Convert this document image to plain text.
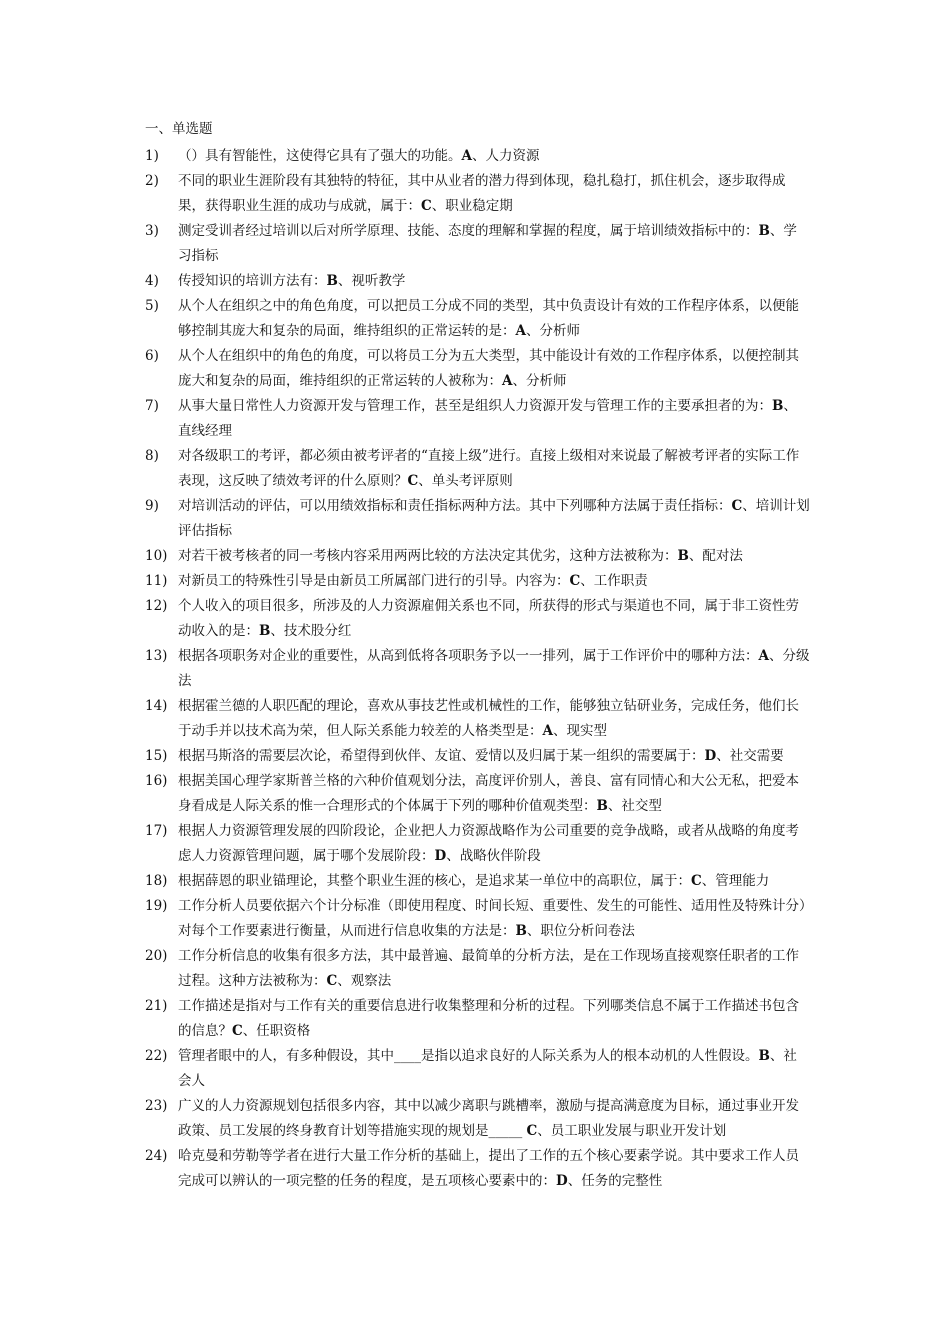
一、单选题
1)	（）具有智能性，这使得它具有了强大的功能。A、人力资源
2)	不同的职业生涯阶段有其独特的特征，其中从业者的潜力得到体现，稳扎稳打，抓住机会，逐步取得成果，获得职业生涯的成功与成就，属于：C、职业稳定期
3)	测定受训者经过培训以后对所学原理、技能、态度的理解和掌握的程度，属于培训绩效指标中的：B、学习指标
4)	传授知识的培训方法有：B、视听教学
5)	从个人在组织之中的角色角度，可以把员工分成不同的类型，其中负责设计有效的工作程序体系，以便能够控制其庞大和复杂的局面，维持组织的正常运转的是：A、分析师
6)	从个人在组织中的角色的角度，可以将员工分为五大类型，其中能设计有效的工作程序体系，以便控制其庞大和复杂的局面，维持组织的正常运转的人被称为：A、分析师
7)	从事大量日常性人力资源开发与管理工作，甚至是组织人力资源开发与管理工作的主要承担者的为：B、直线经理
8)	对各级职工的考评，都必须由被考评者的“直接上级”进行。直接上级相对来说最了解被考评者的实际工作表现，这反映了绩效考评的什么原则？C、单头考评原则
9)	对培训活动的评估，可以用绩效指标和责任指标两种方法。其中下列哪种方法属于责任指标：C、培训计划评估指标
10) 对若干被考核者的同一考核内容采用两两比较的方法决定其优劣，这种方法被称为：B、配对法
11) 对新员工的特殊性引导是由新员工所属部门进行的引导。内容为：C、工作职责
12) 个人收入的项目很多，所涉及的人力资源雇佣关系也不同，所获得的形式与渠道也不同，属于非工资性劳动收入的是：B、技术股分红
13) 根据各项职务对企业的重要性，从高到低将各项职务予以一一排列，属于工作评价中的哪种方法：A、分级法
14) 根据霍兰德的人职匹配的理论，喜欢从事技艺性或机械性的工作，能够独立钻研业务，完成任务，他们长于动手并以技术高为荣，但人际关系能力较差的人格类型是：A、现实型
15) 根据马斯洛的需要层次论，希望得到伙伴、友谊、爱情以及归属于某一组织的需要属于：D、社交需要
16) 根据美国心理学家斯普兰格的六种价值观划分法，高度评价别人，善良、富有同情心和大公无私，把爱本身看成是人际关系的惟一合理形式的个体属于下列的哪种价值观类型：B、社交型
17) 根据人力资源管理发展的四阶段论，企业把人力资源战略作为公司重要的竞争战略，或者从战略的角度考虑人力资源管理问题，属于哪个发展阶段：D、战略伙伴阶段
18) 根据薛恩的职业锚理论，其整个职业生涯的核心，是追求某一单位中的高职位，属于：C、管理能力
19) 工作分析人员要依据六个计分标准（即使用程度、时间长短、重要性、发生的可能性、适用性及特殊计分）对每个工作要素进行衡量，从而进行信息收集的方法是：B、职位分析问卷法
20) 工作分析信息的收集有很多方法，其中最普遍、最简单的分析方法，是在工作现场直接观察任职者的工作过程。这种方法被称为：C、观察法
21) 工作描述是指对与工作有关的重要信息进行收集整理和分析的过程。下列哪类信息不属于工作描述书包含的信息？C、任职资格
22) 管理者眼中的人，有多种假设，其中____是指以追求良好的人际关系为人的根本动机的人性假设。B、社会人
23) 广义的人力资源规划包括很多内容，其中以减少离职与跳槽率，激励与提高满意度为目标，通过事业开发政策、员工发展的终身教育计划等措施实现的规划是_____ C、员工职业发展与职业开发计划
24) 哈克曼和劳勒等学者在进行大量工作分析的基础上，提出了工作的五个核心要素学说。其中要求工作人员完成可以辨认的一项完整的任务的程度，是五项核心要素中的：D、任务的完整性
